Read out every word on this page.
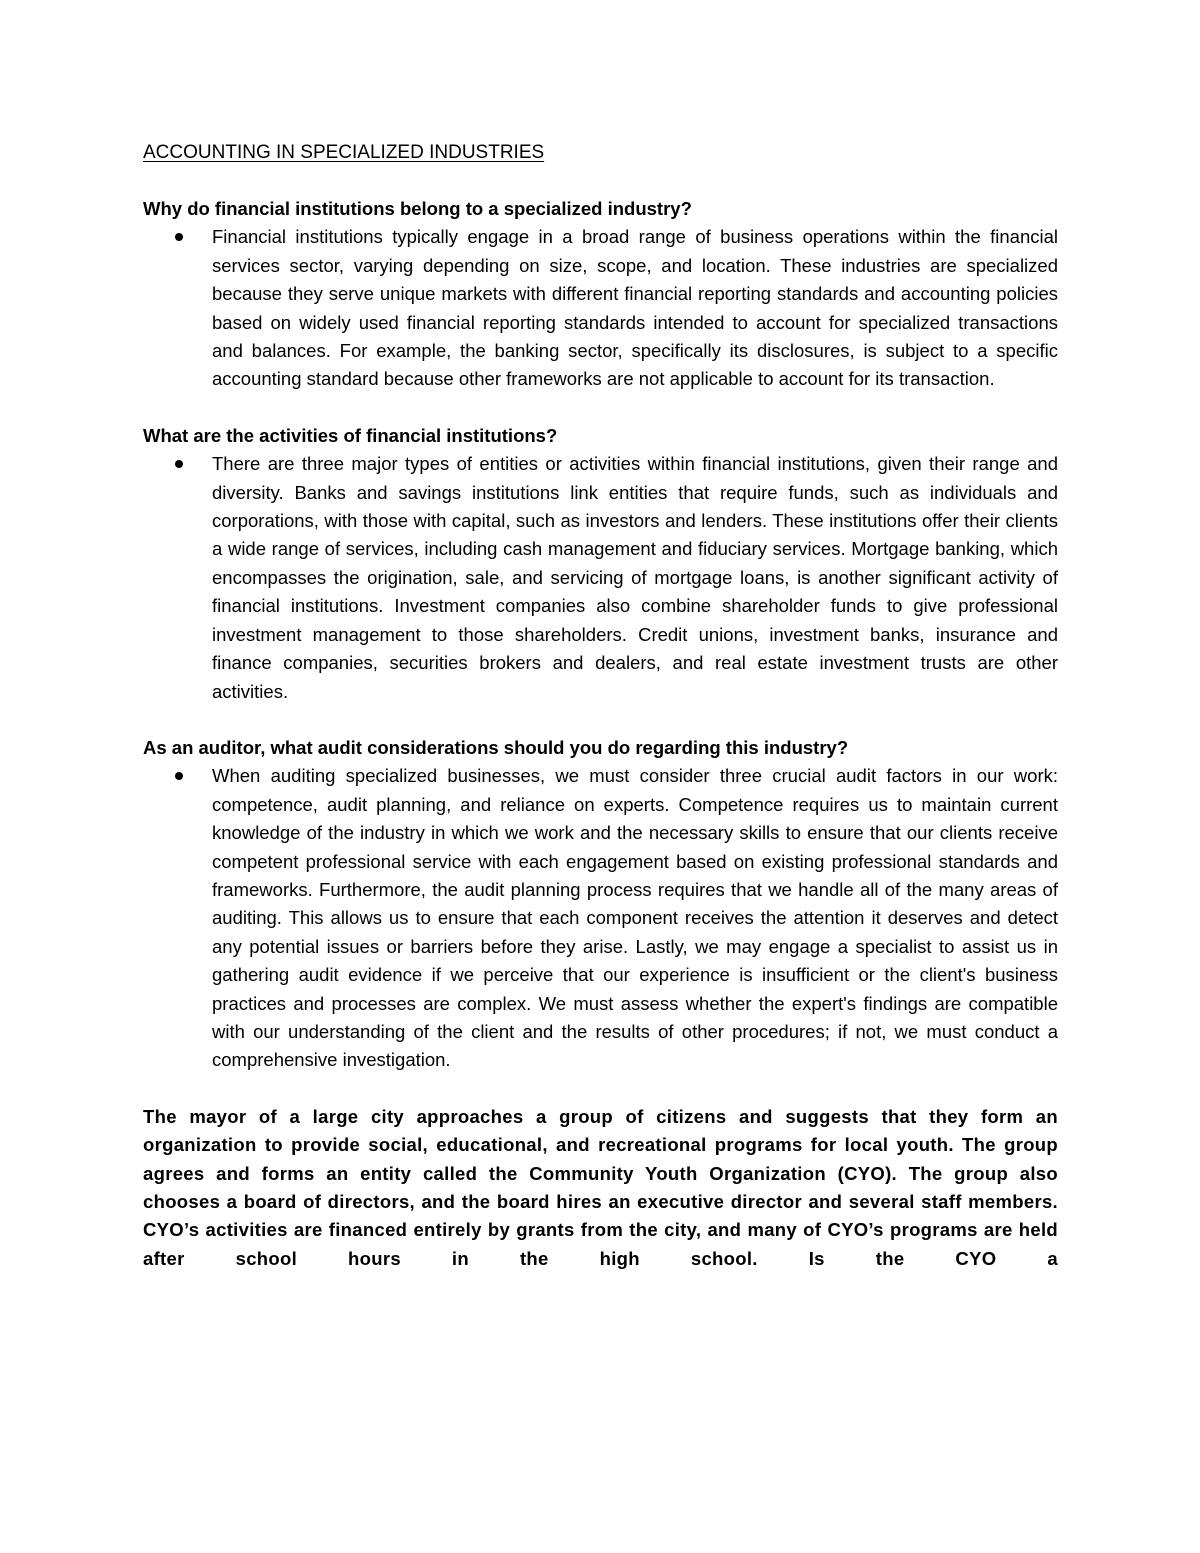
ACCOUNTING IN SPECIALIZED INDUSTRIES

Why do financial institutions belong to a specialized industry?

Financial institutions typically engage in a broad range of business operations within the financial services sector, varying depending on size, scope, and location. These industries are specialized because they serve unique markets with different financial reporting standards and accounting policies based on widely used financial reporting standards intended to account for specialized transactions and balances. For example, the banking sector, specifically its disclosures, is subject to a specific accounting standard because other frameworks are not applicable to account for its transaction.

What are the activities of financial institutions?

There are three major types of entities or activities within financial institutions, given their range and diversity. Banks and savings institutions link entities that require funds, such as individuals and corporations, with those with capital, such as investors and lenders. These institutions offer their clients a wide range of services, including cash management and fiduciary services. Mortgage banking, which encompasses the origination, sale, and servicing of mortgage loans, is another significant activity of financial institutions. Investment companies also combine shareholder funds to give professional investment management to those shareholders. Credit unions, investment banks, insurance and finance companies, securities brokers and dealers, and real estate investment trusts are other activities.

As an auditor, what audit considerations should you do regarding this industry?

When auditing specialized businesses, we must consider three crucial audit factors in our work: competence, audit planning, and reliance on experts. Competence requires us to maintain current knowledge of the industry in which we work and the necessary skills to ensure that our clients receive competent professional service with each engagement based on existing professional standards and frameworks. Furthermore, the audit planning process requires that we handle all of the many areas of auditing. This allows us to ensure that each component receives the attention it deserves and detect any potential issues or barriers before they arise. Lastly, we may engage a specialist to assist us in gathering audit evidence if we perceive that our experience is insufficient or the client's business practices and processes are complex. We must assess whether the expert's findings are compatible with our understanding of the client and the results of other procedures; if not, we must conduct a comprehensive investigation.

The mayor of a large city approaches a group of citizens and suggests that they form an organization to provide social, educational, and recreational programs for local youth. The group agrees and forms an entity called the Community Youth Organization (CYO). The group also chooses a board of directors, and the board hires an executive director and several staff members. CYO’s activities are financed entirely by grants from the city, and many of CYO’s programs are held after school hours in the high school. Is the CYO a
